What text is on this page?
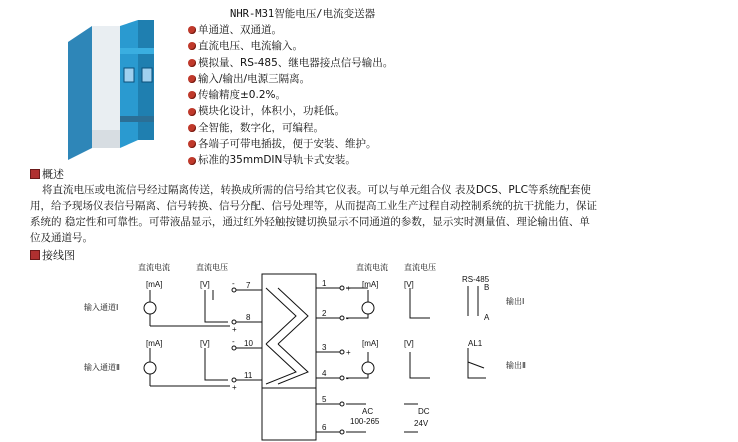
NHR-M31智能电压/电流变送器
单通道、双通道。
直流电压、电流输入。
模拟量、RS-485、继电器接点信号输出。
输入/输出/电源三隔离。
传输精度±0.2%。
模块化设计，体积小，功耗低。
全智能，数字化，可编程。
各端子可带电插拔，便于安装、维护。
标准的35mmDIN导轨卡式安装。
概述

将直流电压或电流信号经过隔离传送，转换成所需的信号给其它仪表。可以与单元组合仪 表及DCS、PLC等系统配套使用，给予现场仪表信号隔离、信号转换、信号分配、信号处理等，从而提高工业生产过程自动控制系统的抗干扰能力，保证系统的 稳定性和可靠性。可带液晶显示，通过红外轻触按键切换显示不同通道的参数，显示实时测量值、理论输出值、单位及通道号。

接线图
直流电流	直流电压	直流电流 直流电压
[mA]	[V]
[mA]	[V]
[mA]	[V]
[mA]	[V]
输入通道Ⅰ
输入通道Ⅱ
7
8
10
11
-
+
-
+
1
2
3
4
5
6
+
-
+
-
RS-485
B
A
输出Ⅰ
AL1
输出Ⅱ
AC
100-265
DC
24V
